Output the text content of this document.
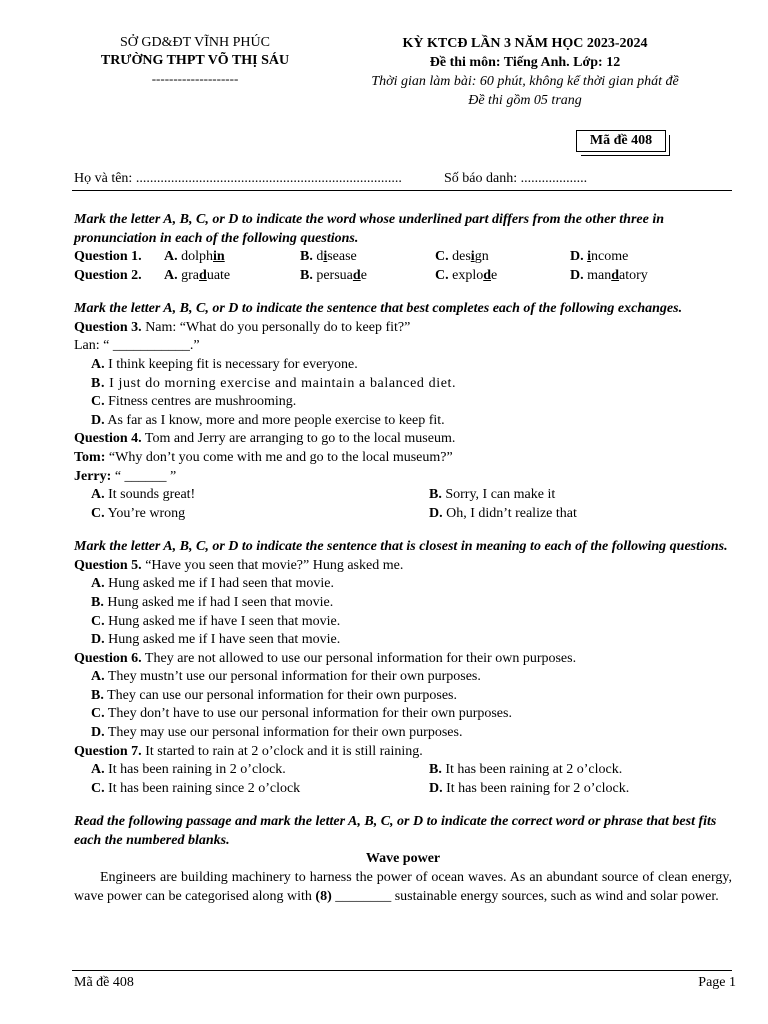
SỞ GD&ĐT VĨNH PHÚC
TRƯỜNG THPT VÕ THỊ SÁU
--------------------
KỲ KTCĐ LẦN 3 NĂM HỌC 2023-2024
Đề thi môn: Tiếng Anh. Lớp: 12
Thời gian làm bài: 60 phút, không kể thời gian phát đề
Đề thi gồm 05 trang
Mã đề 408
Họ và tên: ............................................................................	Số báo danh: ...................
Mark the letter A, B, C, or D to indicate the word whose underlined part differs from the other three in pronunciation in each of the following questions.
Question 1. A. dolphin	B. disease	C. design	D. income
Question 2. A. graduate	B. persuade	C. explode	D. mandatory
Mark the letter A, B, C, or D to indicate the sentence that best completes each of the following exchanges.
Question 3. Nam: “What do you personally do to keep fit?”
Lan: “ ___________.”
A. I think keeping fit is necessary for everyone.
B. I just do morning exercise and maintain a balanced diet.
C. Fitness centres are mushrooming.
D. As far as I know, more and more people exercise to keep fit.
Question 4. Tom and Jerry are arranging to go to the local museum.
Tom: “Why don’t you come with me and go to the local museum?”
Jerry: “ ______ ”
A. It sounds great!	B. Sorry, I can make it
C. You’re wrong	D. Oh, I didn’t realize that
Mark the letter A, B, C, or D to indicate the sentence that is closest in meaning to each of the following questions.
Question 5. “Have you seen that movie?” Hung asked me.
A. Hung asked me if I had seen that movie.
B. Hung asked me if had I seen that movie.
C. Hung asked me if have I seen that movie.
D. Hung asked me if I have seen that movie.
Question 6. They are not allowed to use our personal information for their own purposes.
A. They mustn’t use our personal information for their own purposes.
B. They can use our personal information for their own purposes.
C. They don’t have to use our personal information for their own purposes.
D. They may use our personal information for their own purposes.
Question 7. It started to rain at 2 o’clock and it is still raining.
A. It has been raining in 2 o’clock.	B. It has been raining at 2 o’clock.
C. It has been raining since 2 o’clock	D. It has been raining for 2 o’clock.
Read the following passage and mark the letter A, B, C, or D to indicate the correct word or phrase that best fits each the numbered blanks.
Wave power
Engineers are building machinery to harness the power of ocean waves. As an abundant source of clean energy, wave power can be categorised along with (8) ________ sustainable energy sources, such as wind and solar power.
Mã đề 408	Page 1
